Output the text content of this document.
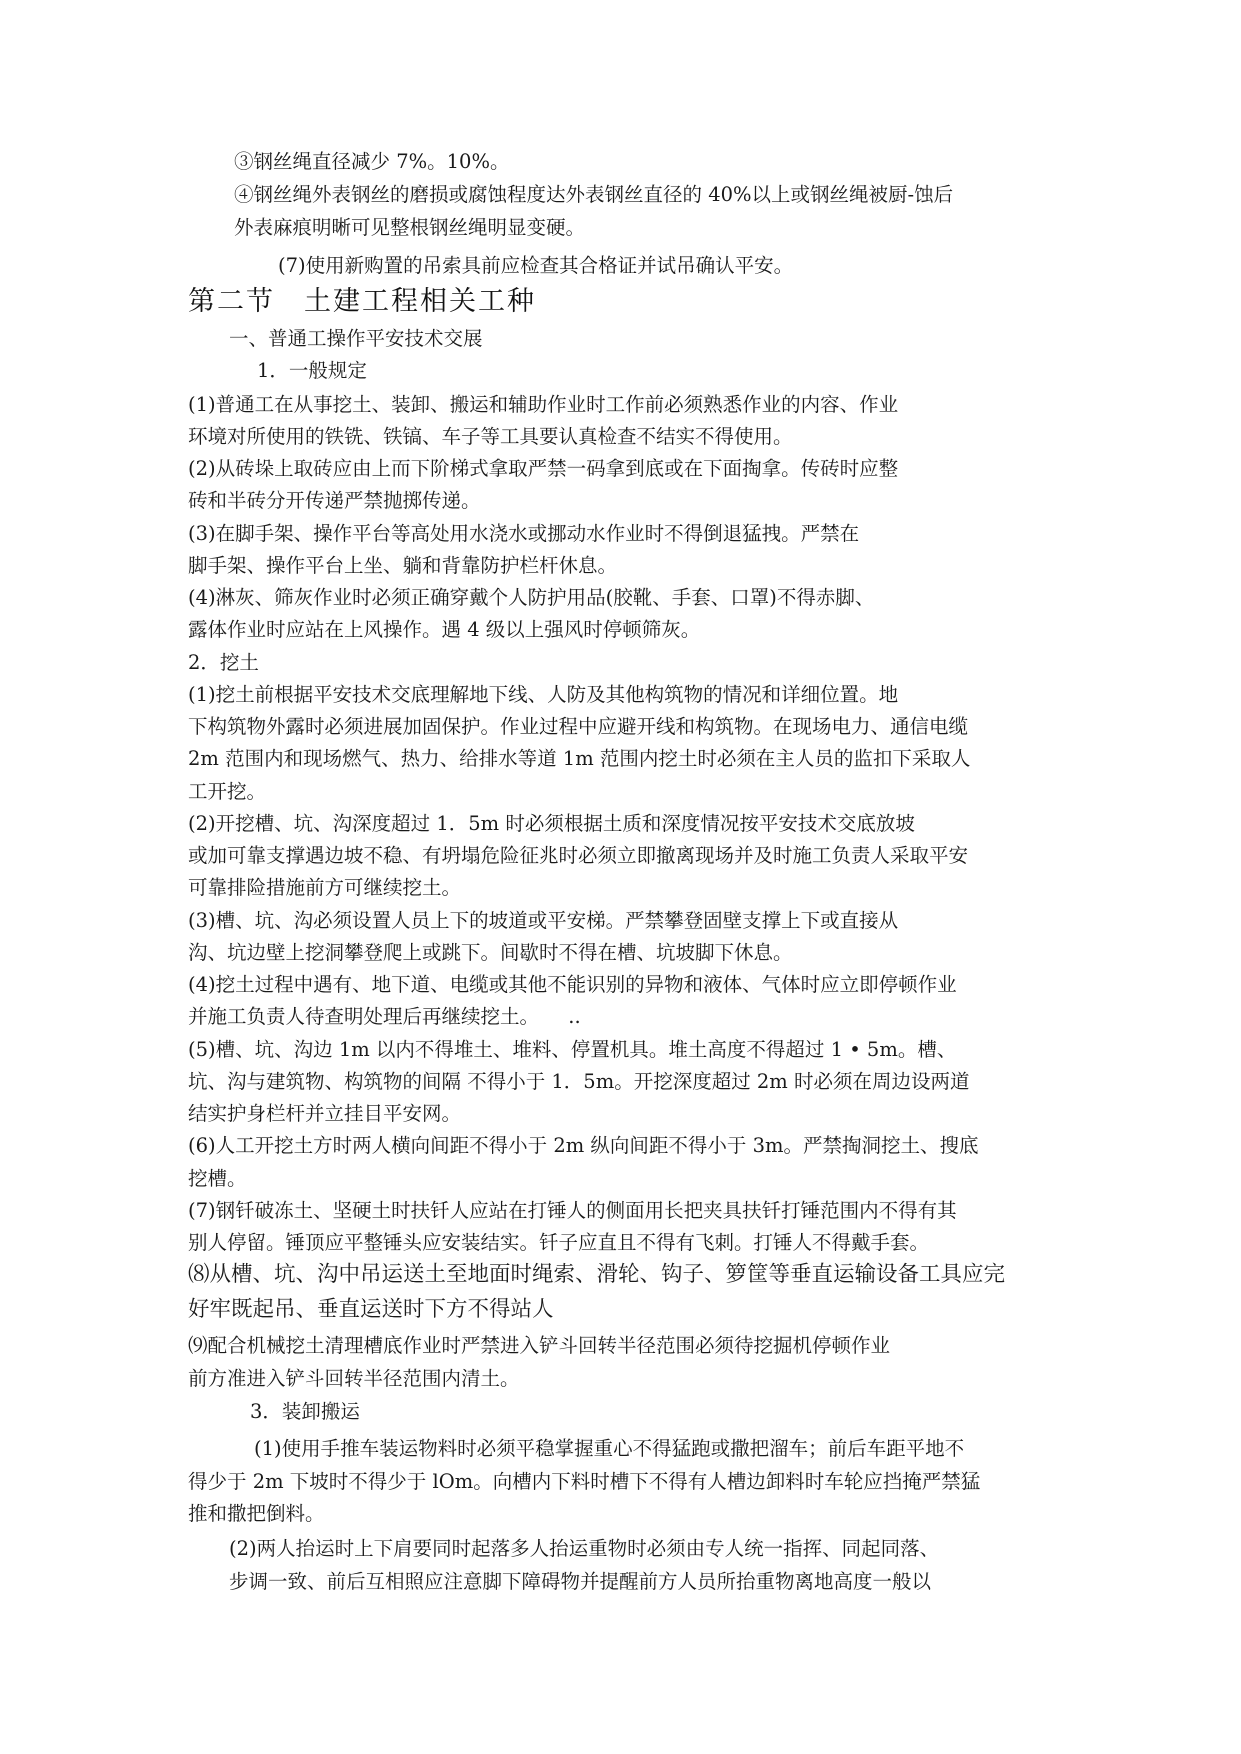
③钢丝绳直径减少 7%。10%。
④钢丝绳外表钢丝的磨损或腐蚀程度达外表钢丝直径的 40%以上或钢丝绳被厨-蚀后
外表麻痕明晰可见整根钢丝绳明显变硬。
(7)使用新购置的吊索具前应检查其合格证并试吊确认平安。
第二节　土建工程相关工种
一、普通工操作平安技术交展
1．一般规定
(1)普通工在从事挖土、装卸、搬运和辅助作业时工作前必须熟悉作业的内容、作业
环境对所使用的铁铣、铁镐、车子等工具要认真检查不结实不得使用。
(2)从砖垛上取砖应由上而下阶梯式拿取严禁一码拿到底或在下面掏拿。传砖时应整
砖和半砖分开传递严禁抛掷传递。
(3)在脚手架、操作平台等高处用水浇水或挪动水作业时不得倒退猛拽。严禁在
脚手架、操作平台上坐、躺和背靠防护栏杆休息。
(4)淋灰、筛灰作业时必须正确穿戴个人防护用品(胶靴、手套、口罩)不得赤脚、
露体作业时应站在上风操作。遇 4 级以上强风时停顿筛灰。
2．挖土
(1)挖土前根据平安技术交底理解地下线、人防及其他构筑物的情况和详细位置。地
下构筑物外露时必须进展加固保护。作业过程中应避开线和构筑物。在现场电力、通信电缆
2m 范围内和现场燃气、热力、给排水等道 1m 范围内挖土时必须在主人员的监扣下采取人
工开挖。
(2)开挖槽、坑、沟深度超过 1．5m 时必须根据土质和深度情况按平安技术交底放坡
或加可靠支撑遇边坡不稳、有坍塌危险征兆时必须立即撤离现场并及时施工负责人采取平安
可靠排险措施前方可继续挖土。
(3)槽、坑、沟必须设置人员上下的坡道或平安梯。严禁攀登固壁支撑上下或直接从
沟、坑边壁上挖洞攀登爬上或跳下。间歇时不得在槽、坑坡脚下休息。
(4)挖土过程中遇有、地下道、电缆或其他不能识别的异物和液体、气体时应立即停顿作业
并施工负责人待查明处理后再继续挖土。　　..
(5)槽、坑、沟边 1m 以内不得堆土、堆料、停置机具。堆土高度不得超过 1 • 5m。槽、
坑、沟与建筑物、构筑物的间隔 不得小于 1．5m。开挖深度超过 2m 时必须在周边设两道
结实护身栏杆并立挂目平安网。
(6)人工开挖土方时两人横向间距不得小于 2m 纵向间距不得小于 3m。严禁掏洞挖土、搜底
挖槽。
(7)钢钎破冻土、坚硬土时扶钎人应站在打锤人的侧面用长把夹具扶钎打锤范围内不得有其
别人停留。锤顶应平整锤头应安装结实。钎子应直且不得有飞刺。打锤人不得戴手套。
⑻从槽、坑、沟中吊运送土至地面时绳索、滑轮、钩子、箩筐等垂直运输设备工具应完
好牢既起吊、垂直运送时下方不得站人
⑼配合机械挖土清理槽底作业时严禁进入铲斗回转半径范围必须待挖掘机停顿作业
前方准进入铲斗回转半径范围内清土。
3．装卸搬运
(1)使用手推车装运物料时必须平稳掌握重心不得猛跑或撒把溜车；前后车距平地不
得少于 2m 下坡时不得少于 lOm。向槽内下料时槽下不得有人槽边卸料时车轮应挡掩严禁猛
推和撒把倒料。
(2)两人抬运时上下肩要同时起落多人抬运重物时必须由专人统一指挥、同起同落、
步调一致、前后互相照应注意脚下障碍物并提醒前方人员所抬重物离地高度一般以
